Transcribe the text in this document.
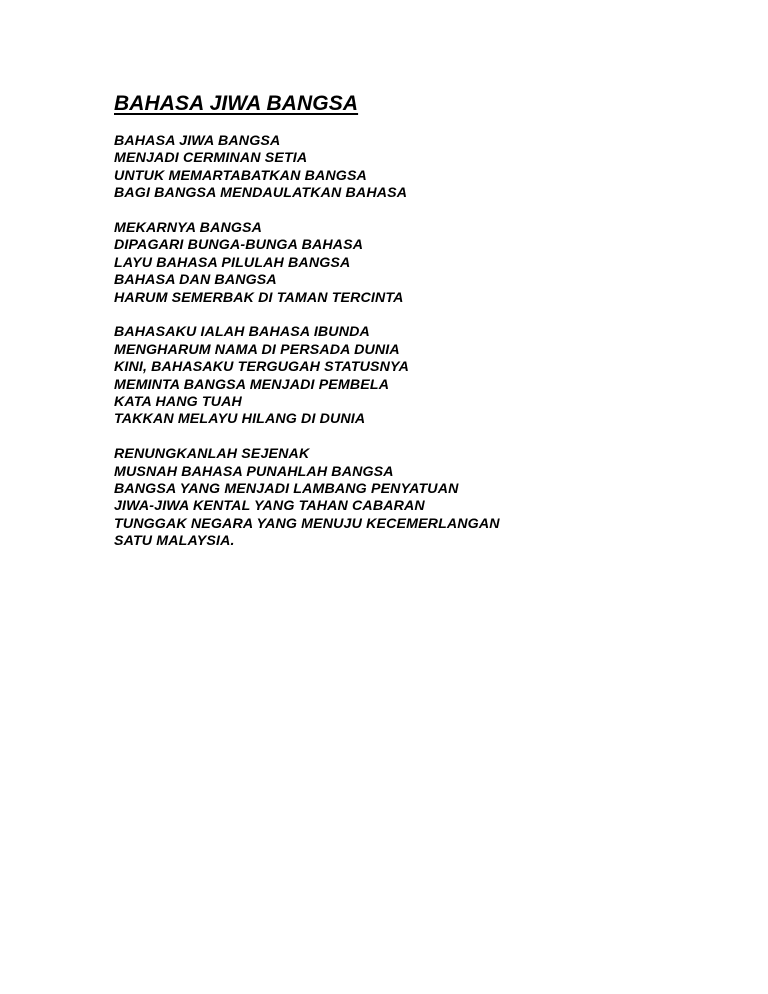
BAHASA JIWA BANGSA
BAHASA JIWA BANGSA
MENJADI CERMINAN SETIA
UNTUK MEMARTABATKAN BANGSA
BAGI BANGSA MENDAULATKAN BAHASA
MEKARNYA BANGSA
DIPAGARI BUNGA-BUNGA BAHASA
LAYU BAHASA PILULAH BANGSA
BAHASA DAN BANGSA
HARUM SEMERBAK DI TAMAN TERCINTA
BAHASAKU IALAH BAHASA IBUNDA
MENGHARUM NAMA DI PERSADA DUNIA
KINI, BAHASAKU TERGUGAH STATUSNYA
MEMINTA BANGSA MENJADI PEMBELA
KATA HANG TUAH
TAKKAN MELAYU HILANG DI DUNIA
RENUNGKANLAH SEJENAK
MUSNAH BAHASA PUNAHLAH BANGSA
BANGSA YANG MENJADI LAMBANG PENYATUAN
JIWA-JIWA KENTAL YANG TAHAN CABARAN
TUNGGAK NEGARA YANG MENUJU KECEMERLANGAN
SATU MALAYSIA.
